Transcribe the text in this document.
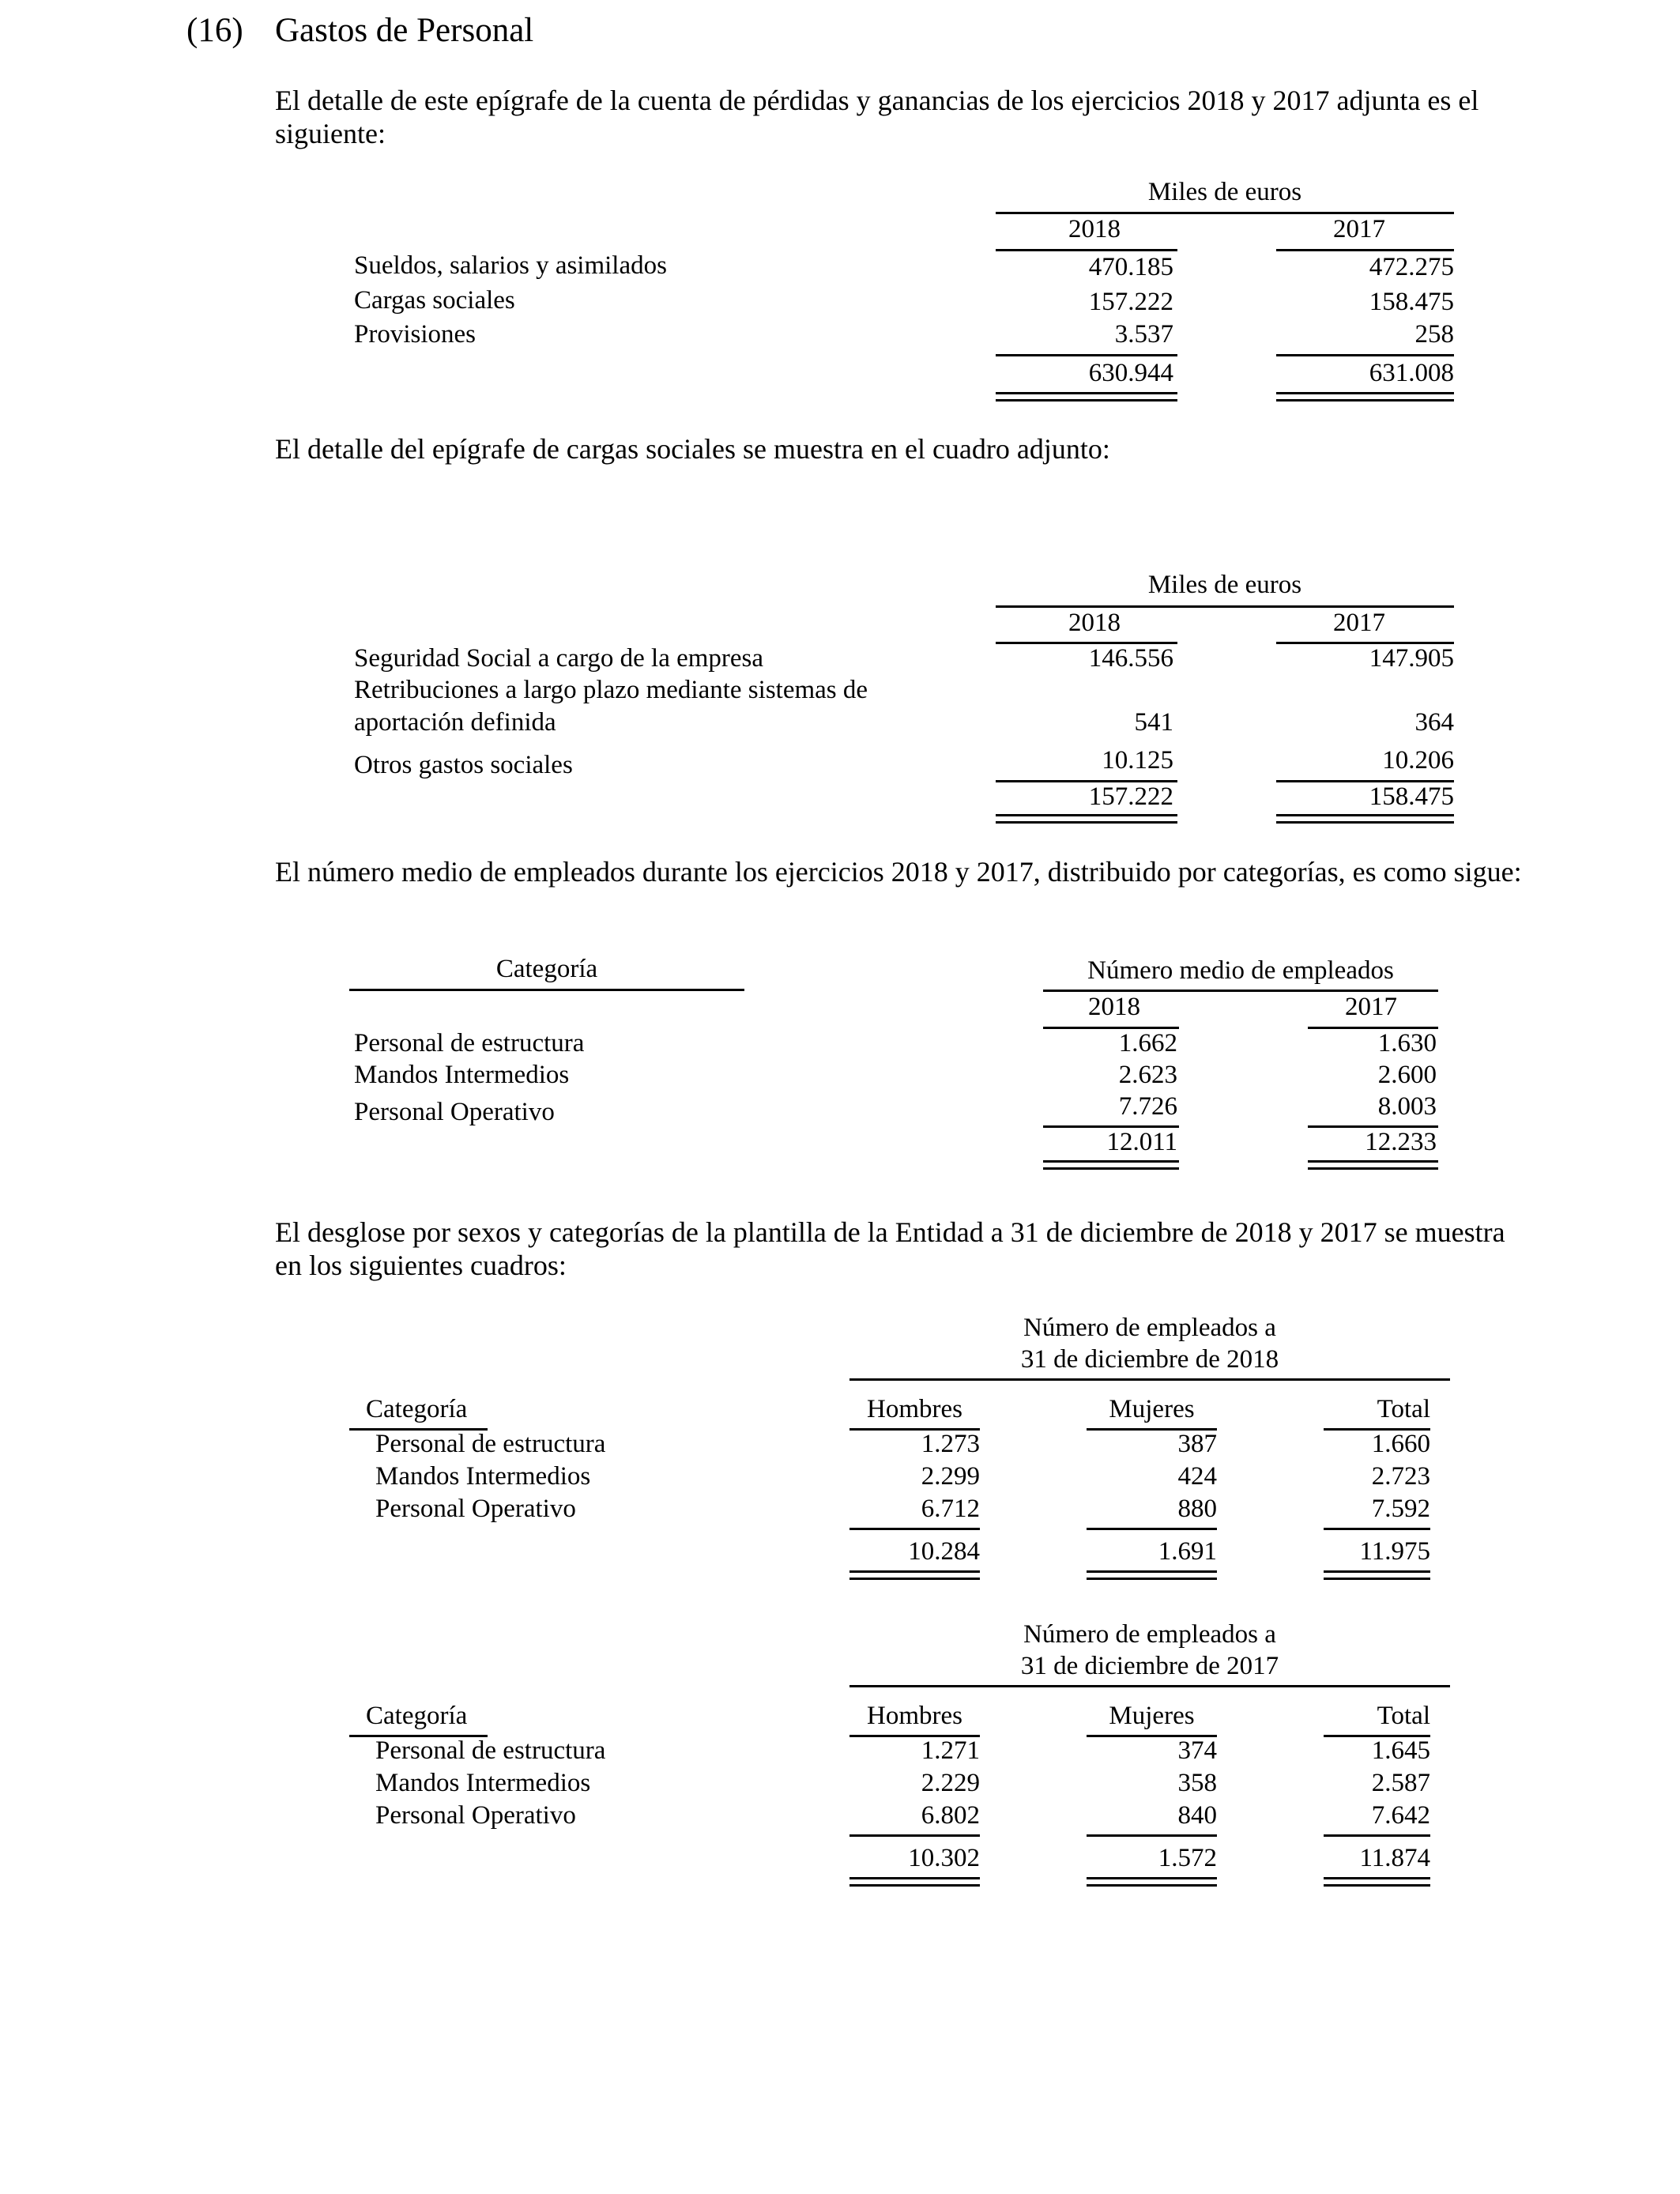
(16) Gastos de Personal
El detalle de este epígrafe de la cuenta de pérdidas y ganancias de los ejercicios 2018 y 2017 adjunta es el siguiente:
Miles de euros
2018	2017
Sueldos, salarios y asimilados	470.185	472.275
Cargas sociales	157.222	158.475
Provisiones	3.537	258
630.944	631.008
El detalle del epígrafe de cargas sociales se muestra en el cuadro adjunto:
Miles de euros
2018	2017
Seguridad Social a cargo de la empresa	146.556	147.905
Retribuciones a largo plazo mediante sistemas de
aportación definida	541	364
Otros gastos sociales	10.125	10.206
157.222	158.475
El número medio de empleados durante los ejercicios 2018 y 2017, distribuido por categorías, es como sigue:
Categoría	Número medio de empleados
2018	2017
Personal de estructura	1.662	1.630
Mandos Intermedios	2.623	2.600
Personal Operativo	7.726	8.003
12.011	12.233
El desglose por sexos y categorías de la plantilla de la Entidad a 31 de diciembre de 2018 y 2017 se muestra en los siguientes cuadros:
Número de empleados a
31 de diciembre de 2018
Categoría	Hombres	Mujeres	Total
Personal de estructura	1.273	387	1.660
Mandos Intermedios	2.299	424	2.723
Personal Operativo	6.712	880	7.592
10.284	1.691	11.975
Número de empleados a
31 de diciembre de 2017
Categoría	Hombres	Mujeres	Total
Personal de estructura	1.271	374	1.645
Mandos Intermedios	2.229	358	2.587
Personal Operativo	6.802	840	7.642
10.302	1.572	11.874
